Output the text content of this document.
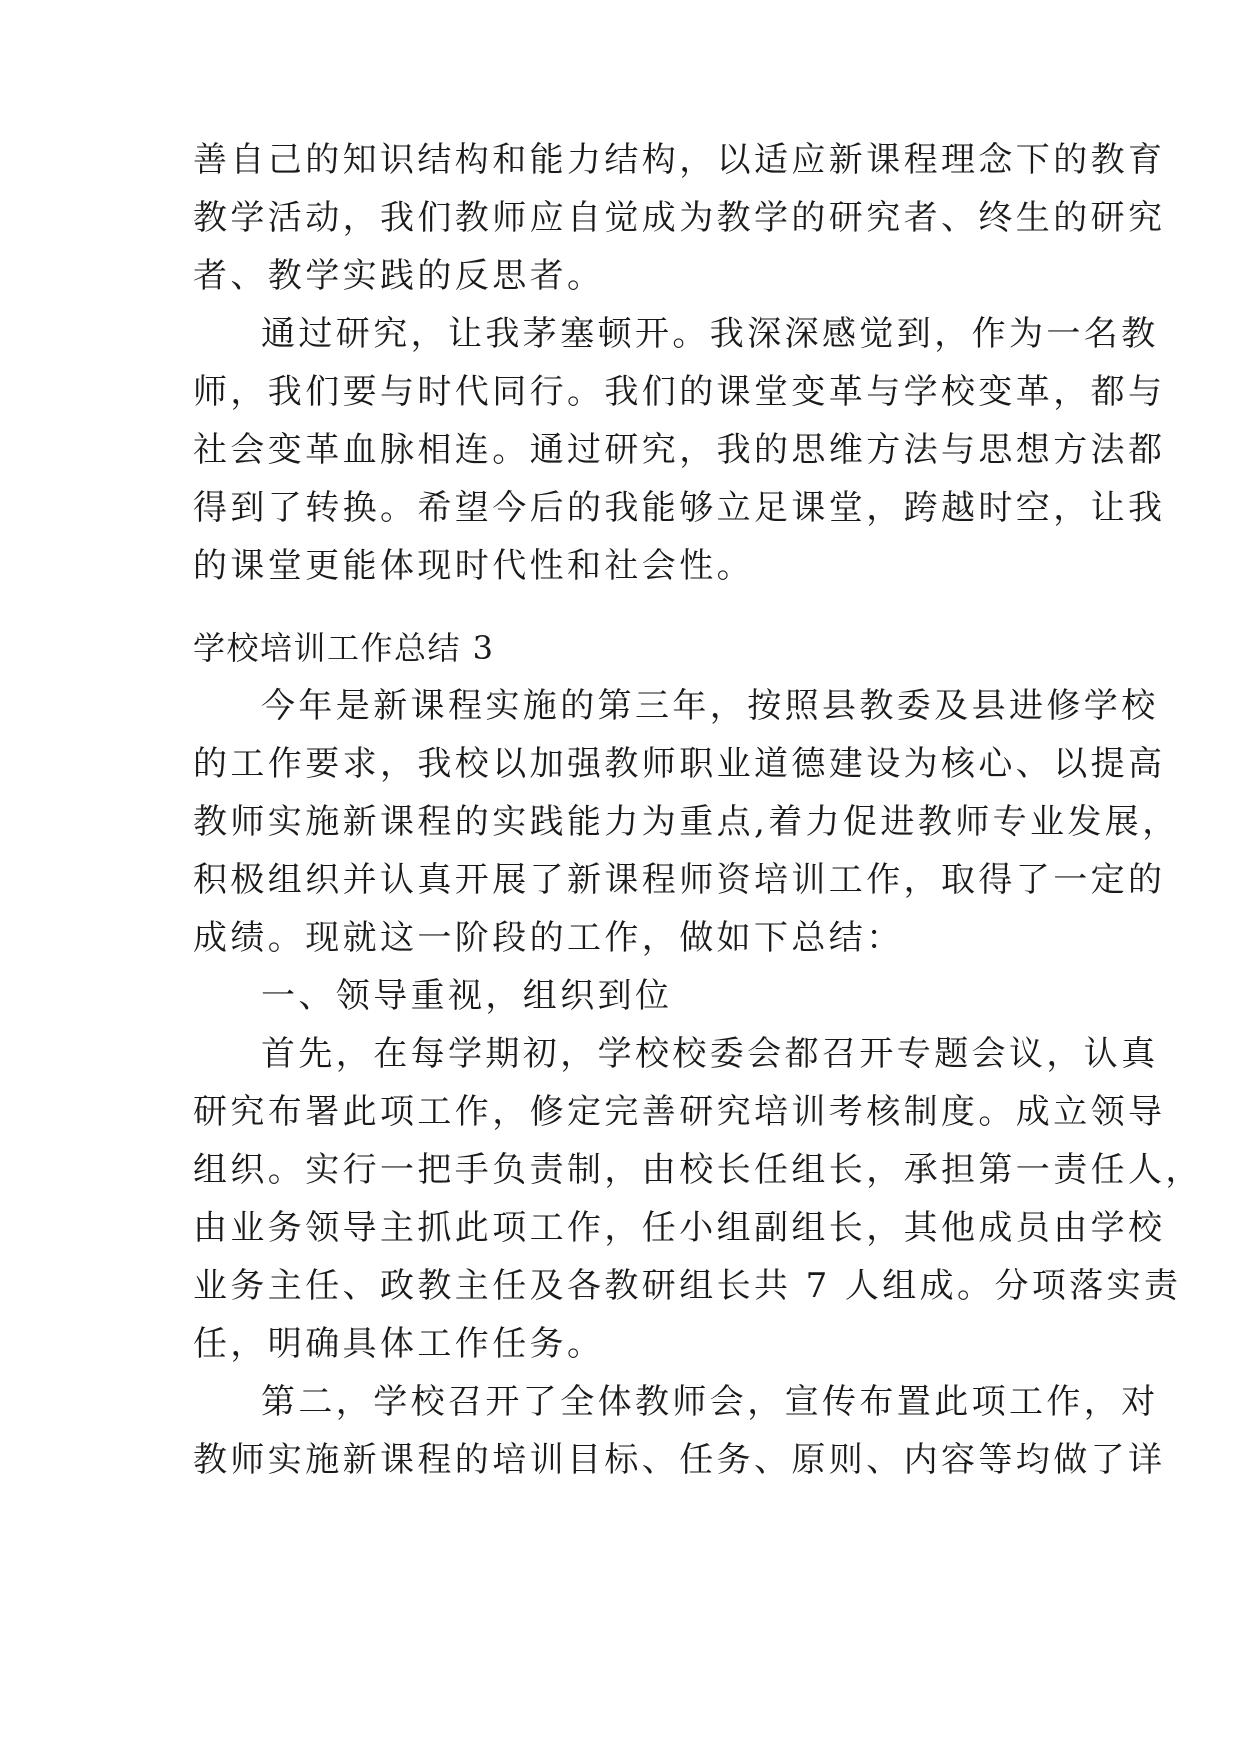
善自己的知识结构和能力结构，以适应新课程理念下的教育
教学活动，我们教师应自觉成为教学的研究者、终生的研究
者、教学实践的反思者。
通过研究，让我茅塞顿开。我深深感觉到，作为一名教
师，我们要与时代同行。我们的课堂变革与学校变革，都与
社会变革血脉相连。通过研究，我的思维方法与思想方法都
得到了转换。希望今后的我能够立足课堂，跨越时空，让我
的课堂更能体现时代性和社会性。
学校培训工作总结 3
今年是新课程实施的第三年，按照县教委及县进修学校
的工作要求，我校以加强教师职业道德建设为核心、以提高
教师实施新课程的实践能力为重点,着力促进教师专业发展，
积极组织并认真开展了新课程师资培训工作，取得了一定的
成绩。现就这一阶段的工作，做如下总结：
一、领导重视，组织到位
首先，在每学期初，学校校委会都召开专题会议，认真
研究布署此项工作，修定完善研究培训考核制度。成立领导
组织。实行一把手负责制，由校长任组长，承担第一责任人，
由业务领导主抓此项工作，任小组副组长，其他成员由学校
业务主任、政教主任及各教研组长共 7 人组成。分项落实责
任，明确具体工作任务。
第二，学校召开了全体教师会，宣传布置此项工作，对
教师实施新课程的培训目标、任务、原则、内容等均做了详
